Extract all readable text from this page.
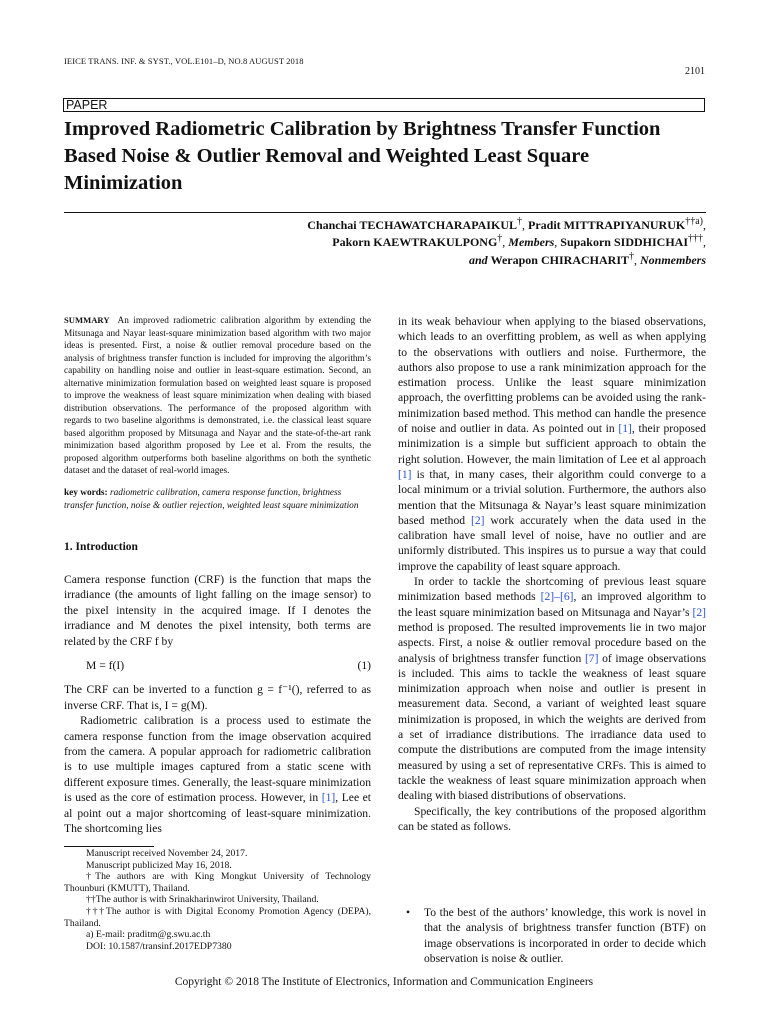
IEICE TRANS. INF. & SYST., VOL.E101–D, NO.8 AUGUST 2018
2101
PAPER
Improved Radiometric Calibration by Brightness Transfer Function Based Noise & Outlier Removal and Weighted Least Square Minimization
Chanchai TECHAWATCHARAPAIKUL†, Pradit MITTRAPIYANURUK$^{\dagger\dagger a)}$,
Pakorn KAEWTRAKULPONG†, Members, Supakorn SIDDHICHAI†††,
and Werapon CHIRACHARIT†, Nonmembers
SUMMARY An improved radiometric calibration algorithm by extending the Mitsunaga and Nayar least-square minimization based algorithm with two major ideas is presented. First, a noise & outlier removal procedure based on the analysis of brightness transfer function is included for improving the algorithm’s capability on handling noise and outlier in least-square estimation. Second, an alternative minimization formulation based on weighted least square is proposed to improve the weakness of least square minimization when dealing with biased distribution observations. The performance of the proposed algorithm with regards to two baseline algorithms is demonstrated, i.e. the classical least square based algorithm proposed by Mitsunaga and Nayar and the state-of-the-art rank minimization based algorithm proposed by Lee et al. From the results, the proposed algorithm outperforms both baseline algorithms on both the synthetic dataset and the dataset of real-world images.
key words: radiometric calibration, camera response function, brightness transfer function, noise & outlier rejection, weighted least square minimization
1. Introduction

Camera response function (CRF) is the function that maps the irradiance (the amounts of light falling on the image sensor) to the pixel intensity in the acquired image. If I denotes the irradiance and M denotes the pixel intensity, both terms are related by the CRF f by

M = f(I)	(1)

The CRF can be inverted to a function g = f⁻¹(), referred to as inverse CRF. That is, I = g(M).

Radiometric calibration is a process used to estimate the camera response function from the image observation acquired from the camera. A popular approach for radiometric calibration is to use multiple images captured from a static scene with different exposure times. Generally, the least-square minimization is used as the core of estimation process. However, in [1], Lee et al point out a major shortcoming of least-square minimization. The shortcoming lies

in its weak behaviour when applying to the biased observations, which leads to an overfitting problem, as well as when applying to the observations with outliers and noise. Furthermore, the authors also propose to use a rank minimization approach for the estimation process. Unlike the least square minimization approach, the overfitting problems can be avoided using the rank-minimization based method. This method can handle the presence of noise and outlier in data. As pointed out in [1], their proposed minimization is a simple but sufficient approach to obtain the right solution. However, the main limitation of Lee et al approach [1] is that, in many cases, their algorithm could converge to a local minimum or a trivial solution. Furthermore, the authors also mention that the Mitsunaga & Nayar’s least square minimization based method [2] work accurately when the data used in the calibration have small level of noise, have no outlier and are uniformly distributed. This inspires us to pursue a way that could improve the capability of least square approach.

In order to tackle the shortcoming of previous least square minimization based methods [2]–[6], an improved algorithm to the least square minimization based on Mitsunaga and Nayar’s [2] method is proposed. The resulted improvements lie in two major aspects. First, a noise & outlier removal procedure based on the analysis of brightness transfer function [7] of image observations is included. This aims to tackle the weakness of least square minimization approach when noise and outlier is present in measurement data. Second, a variant of weighted least square minimization is proposed, in which the weights are derived from a set of irradiance distributions. The irradiance data used to compute the distributions are computed from the image intensity measured by using a set of representative CRFs. This is aimed to tackle the weakness of least square minimization approach when dealing with biased distributions of observations.

Specifically, the key contributions of the proposed algorithm can be stated as follows.

•	To the best of the authors’ knowledge, this work is novel in that the analysis of brightness transfer function (BTF) on image observations is incorporated in order to decide which observation is noise & outlier.
Manuscript received November 24, 2017.
Manuscript publicized May 16, 2018.
†The authors are with King Mongkut University of Technology Thounburi (KMUTT), Thailand.
††The author is with Srinakharinwirot University, Thailand.
†††The author is with Digital Economy Promotion Agency (DEPA), Thailand.
a) E-mail: praditm@g.swu.ac.th
DOI: 10.1587/transinf.2017EDP7380
Copyright © 2018 The Institute of Electronics, Information and Communication Engineers
